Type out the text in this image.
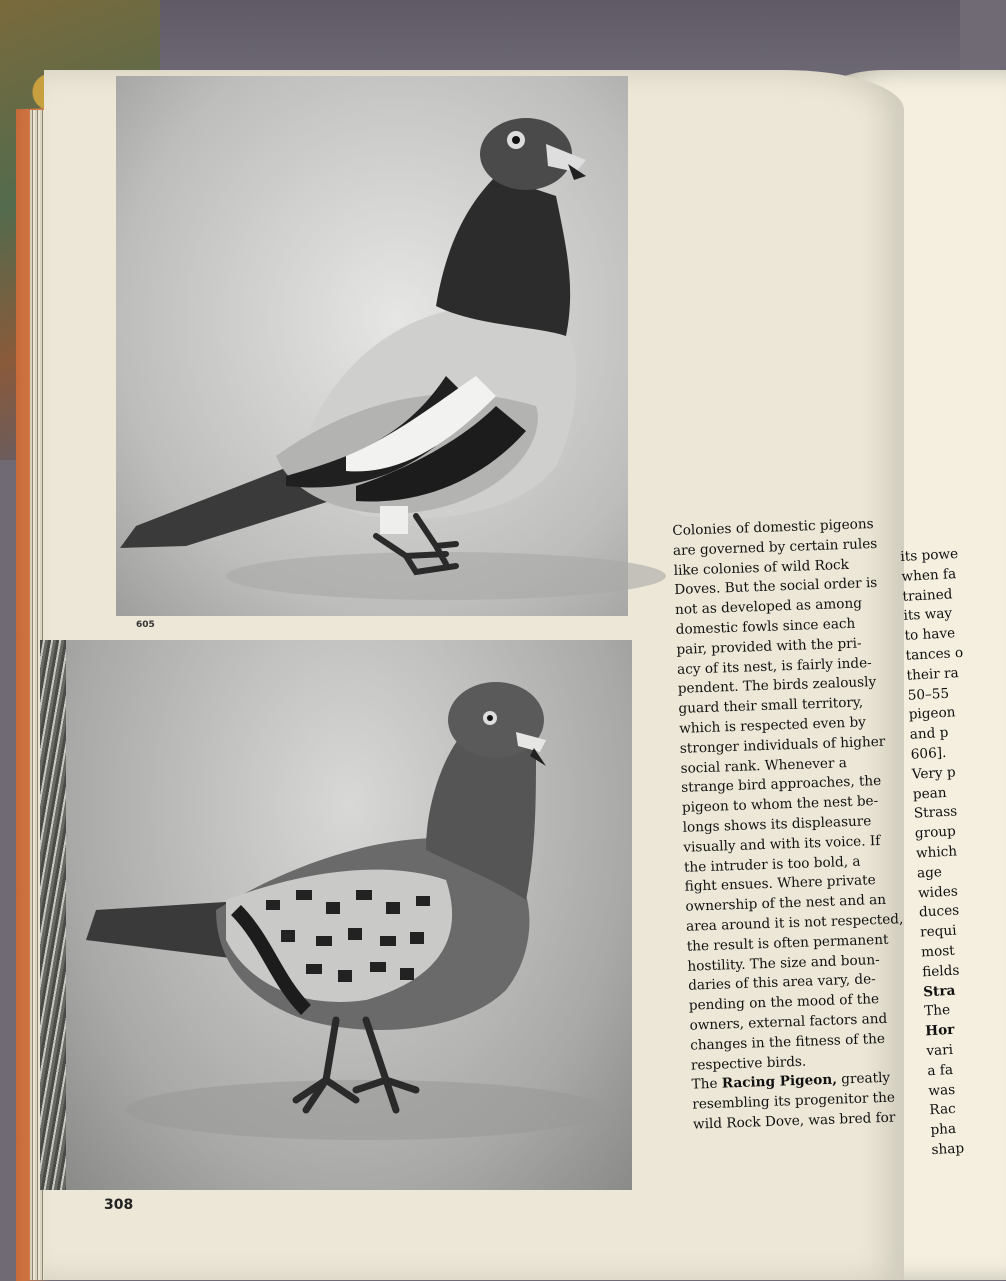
605
308
Colonies of domestic pigeons
are governed by certain rules
like colonies of wild Rock
Doves. But the social order is
not as developed as among
domestic fowls since each
pair, provided with the pri-
acy of its nest, is fairly inde-
pendent. The birds zealously
guard their small territory,
which is respected even by
stronger individuals of higher
social rank. Whenever a
strange bird approaches, the
pigeon to whom the nest be-
longs shows its displeasure
visually and with its voice. If
the intruder is too bold, a
fight ensues. Where private
ownership of the nest and an
area around it is not respected,
the result is often permanent
hostility. The size and boun-
daries of this area vary, de-
pending on the mood of the
owners, external factors and
changes in the fitness of the
respective birds.
The Racing Pigeon, greatly
resembling its progenitor the
wild Rock Dove, was bred for
its powe
when fa
trained
its way
to have
tances o
their ra
50–55
pigeon
and p
606].
Very p
pean
Strass
group
which
age
wides
duces
requi
most
fields
Stra
The
Hor
vari
a fa
was
Rac
pha
shap
